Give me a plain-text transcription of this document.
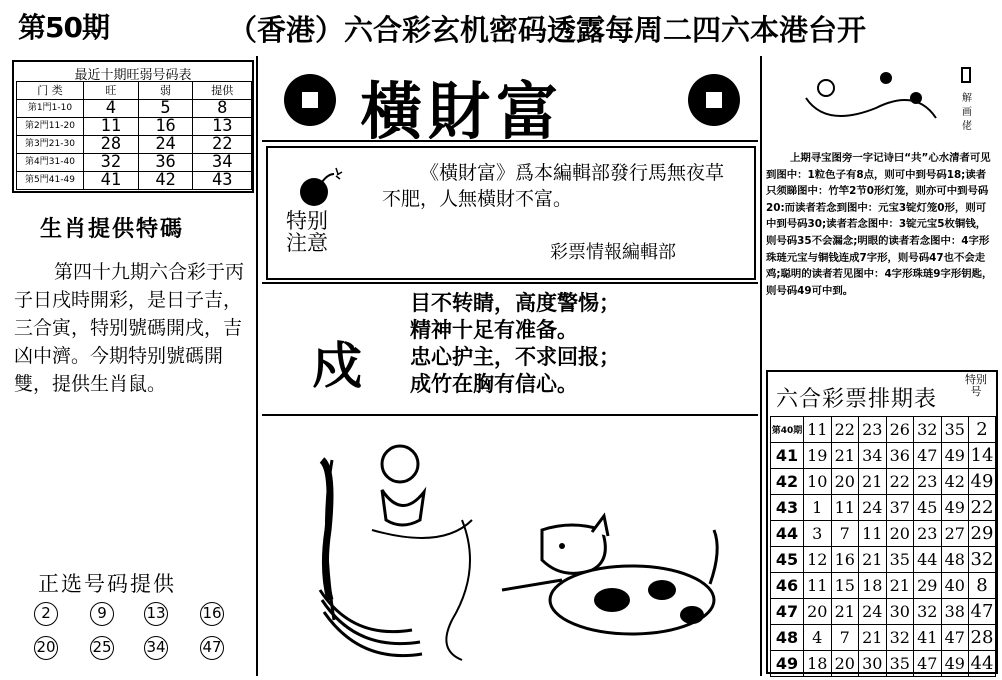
第50期	（香港）六合彩玄机密码透露每周二四六本港台开
最近十期旺弱号码表
门 类	旺	弱	提供
第1門1-10	4	5	8
第2門11-20	11	16	13
第3門21-30	28	24	22
第4門31-40	32	36	34
第5門41-49	41	42	43
生肖提供特碼
第四十九期六合彩于丙子日戌時開彩，是日子吉，三合寅，特别號碼開戌，吉凶中濟。今期特别號碼開雙，提供生肖鼠。
正选号码提供
2	9	13 16
20 25 34 47
橫財富
特别
注意
《橫財富》爲本編輯部發行馬無夜草不肥，人無橫財不富。
彩票情報編輯部
戍
目不转睛，高度警惕；
精神十足有准备。
忠心护主，不求回报；
成竹在胸有信心。
解画佬
上期寻宝图旁一字记诗曰“共”心水清者可见到图中：1粒色子有8点，则可中到号码18;读者只须睇图中：竹竿2节0形灯笼，则亦可中到号码20:而读者若念到图中：元宝3锭灯笼0形，则可中到号码30;读者若念图中：3锭元宝5枚铜钱，则号码35不会漏念;明眼的读者若念图中：4字形珠琏元宝与铜钱连成7字形，则号码47也不会走鸡;聪明的读者若见图中：4字形珠琏9字形钥匙，则号码49可中到。
第40期	11	22	23	26	32	35	2
41	19	21	34	36	47	49	14
42	10	20	21	22	23	42	49
43	1	11	24	37	45	49	22
44	3	7	11	20	23	27	29
45	12	16	21	35	44	48	32
46	11	15	18	21	29	40	8
47	20	21	24	30	32	38	47
48	4	7	21	32	41	47	28
49	18	20	30	35	47	49	44
六合彩票排期表
特别号
